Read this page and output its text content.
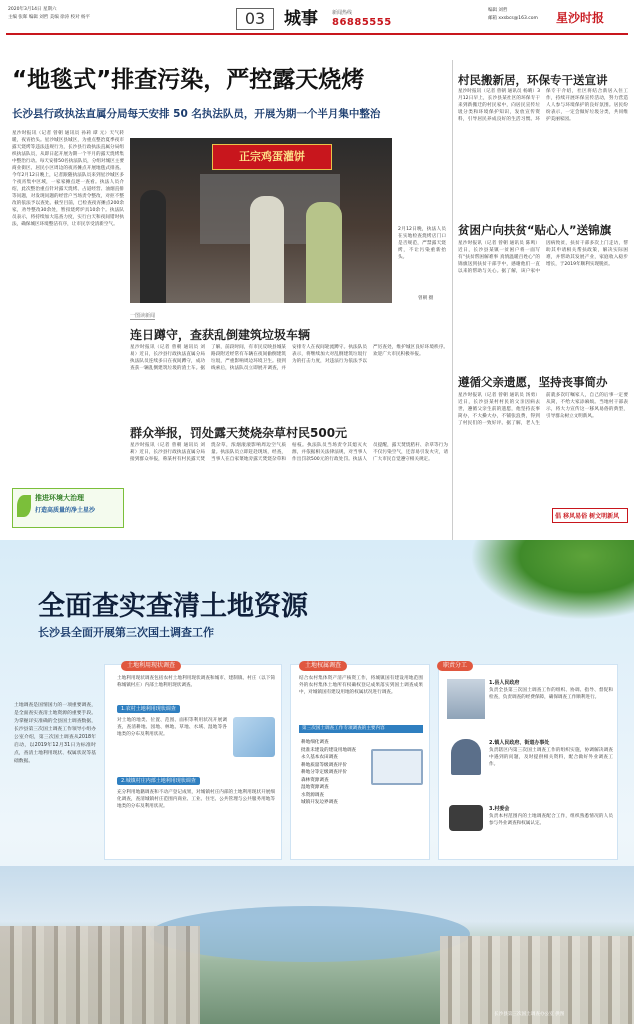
2020年3月14日 星期六
主编 张晖 编辑 刘哲 美编 徐涛 校对 杨平	03	城事	新闻热线
86885555
编辑 刘哲
邮箱 xxsbcs@163.com 星沙时报
“地毯式”排查污染，严控露天烧烤
长沙县行政执法直属分局每天安排 50 名执法队员，开展为期一个半月集中整治
星沙时报讯（记者 曾朝 通讯员 孙莉 谭 元）天气转暖，夜宵抬头。星沙城区县城区，为重点整治夏季夜市露天烧烤等违法违规行为，长沙县行政执法直属分局组织执法队员，从即日起开展为期一个半月的露天烧烤集中整治行动。每天安排50名执法队员，分组对城区主要商业街区、居民小区周边的夜宵摊点开展地毯式排查。今年2月12日晚上，记者跟随执法队员来到星沙城区多个夜宵集中区域，一家家摊点逐一查看。执法人员介绍，此次整治重点针对露天烧烤、占道经营、油烟直排等问题，对发现问题的经营户当场责令整改，对拒不整改的依法予以查处。截至目前，已检查夜宵摊点200余家，劝导整改30余处，暂扣烧烤炉具10余个。执法队员表示，将持续加大巡查力度，实行白天和夜间错时执法，确保城区环境整洁有序，让市民享受清新空气。
正宗鸡蛋灌饼
2月12日晚，执法人员在实地检查烧烤店门口是否规范，严禁露天烧烤，不让污染重新抬头。
曾朝 摄
一图读新闻
连日蹲守，查获乱倒建筑垃圾车辆
星沙时报讯（记者 曾朝 通讯员 刘易）近日，长沙县行政执法直属分局执法队员连续多日在夜间蹲守，成功查获一辆乱倒建筑垃圾的渣土车。据了解，前段时间，有市民反映县城某路段附近经常有车辆在夜间偷倒建筑垃圾，严重影响周边环境卫生。接到线索后，执法队员立即展开调查，并安排专人在夜间轮流蹲守。执法队员表示，将继续加大对乱倒建筑垃圾行为的打击力度，对违法行为依法予以严厉查处，维护城区良好环境秩序。欢迎广大市民积极举报。
群众举报，罚处露天焚烧杂草村民500元
星沙时报讯（记者 曾朝 通讯员 刘莉）近日，长沙县行政执法直属分局接到群众举报，称某村有村民露天焚烧杂草，浓烟滚滚影响周边空气质量。执法队员立即赶赴现场，经查，当事人在自家菜地旁露天焚烧杂草和枯枝。执法队员当场责令其熄灭火源，并依据相关法律法规，对当事人作出罚款500元的行政处罚。执法人员提醒，露天焚烧秸秆、杂草等行为不仅污染空气，还容易引发火灾，请广大市民自觉遵守相关规定。
推进环境大治理
打造高质量的净土星沙
村民搬新居，环保专干送宣讲
星沙时报讯（记者 曾朝 通讯员 杨晴）3月12日早上，长沙县某社区的环保专干来到新搬迁的村民家中，向居民宣传垃圾分类和环境保护知识，发放宣传资料，引导居民养成良好的生活习惯。环保专干介绍，社区将结合新居入住工作，持续开展环保宣传活动，努力营造人人参与环境保护的良好氛围。居民纷纷表示，一定会做好垃圾分类，共同维护美丽家园。
贫困户向扶贫“贴心人”送锦旗
星沙时报讯（记者 曾朝 通讯员 陈鸣）近日，长沙县某镇一贫困户将一面写有“扶贫帮困解难事 真情温暖百姓心”的锦旗送到扶贫干部手中，感谢他们一直以来的帮助与关心。据了解，该户家中因病致贫，扶贫干部多次上门走访，帮助其申请相关帮扶政策，解决实际困难，并帮助其发展产业，家庭收入稳步增长，于2019年顺利实现脱贫。
遵循父亲遗愿，坚持丧事简办
星沙时报讯（记者 曾朝 通讯员 汤勇）近日，长沙县某村村民的父亲因病去世，遵循父亲生前的遗愿，他坚持丧事简办，不大操大办，不铺张浪费，得到了村民们的一致好评。据了解，老人生前就多次叮嘱家人，自己的后事一定要从简，不给大家添麻烦。当地村干部表示，将大力宣传这一移风易俗的典型，引导群众树立文明新风。
倡 移风易俗 树文明新风
全面查实查清土地资源
长沙县全面开展第三次国土调查工作
土地调查是国情国力的一项重要调查，是全面查实查清土地资源的重要手段。为掌握详实准确的全县国土调查数据，长沙县第三次国土调查工作领导小组办公室介绍，第三次国土调查从2018年启动，以2019年12月31日为标准时点，查清土地利用现状、权属状况等基础数据。
土地利用现状调查
土地利用现状调查包括农村土地利用现状调查和城市、建制镇、村庄（以下简称城镇村庄）内部土地利用现状调查。
1.农村土地利用现状调查
对土地的地类、位置、范围、面积等利用状况开展调查，查清耕地、园地、林地、草地、水域、湿地等各地类的分布及利用状况。
2.城镇村庄内部土地利用现状调查
充分利用地籍调查和不动产登记成果，对城镇村庄内部的土地利用现状开展细化调查，查清城镇村庄范围内商业、工业、住宅、公共管理与公共服务用地等地类的分布及利用状况。
土地权属调查
结合农村集体资产清产核资工作，将城镇国有建设用地范围外的农村集体土地所有权确权登记成果落实到国土调查成果中，对城镇国有建设用地的权属状况进行调查。
第三次国土调查工作专项调查的主要内容
耕地细化调查
批准未建设的建设用地调查
永久基本农田调查
耕地质量等级调查评价
耕地分等定级调查评价
森林资源调查
湿地资源调查
水资源调查
城镇开发边界调查
职责分工
1.县人民政府
负责全县第三次国土调查工作的组织、协调、指导、督促和检查，负责调查的经费保障，确保调查工作顺利进行。
2.镇人民政府、街道办事处
负责辖区内第三次国土调查工作的组织实施，协调解决调查中遇到的问题，及时提供相关资料，配合做好外业调查工作。
3.村委会
负责本村范围内的土地调查配合工作，组织熟悉情况的人员参与外业调查和权属认定。
长沙县第三次国土调查办公室 供图
